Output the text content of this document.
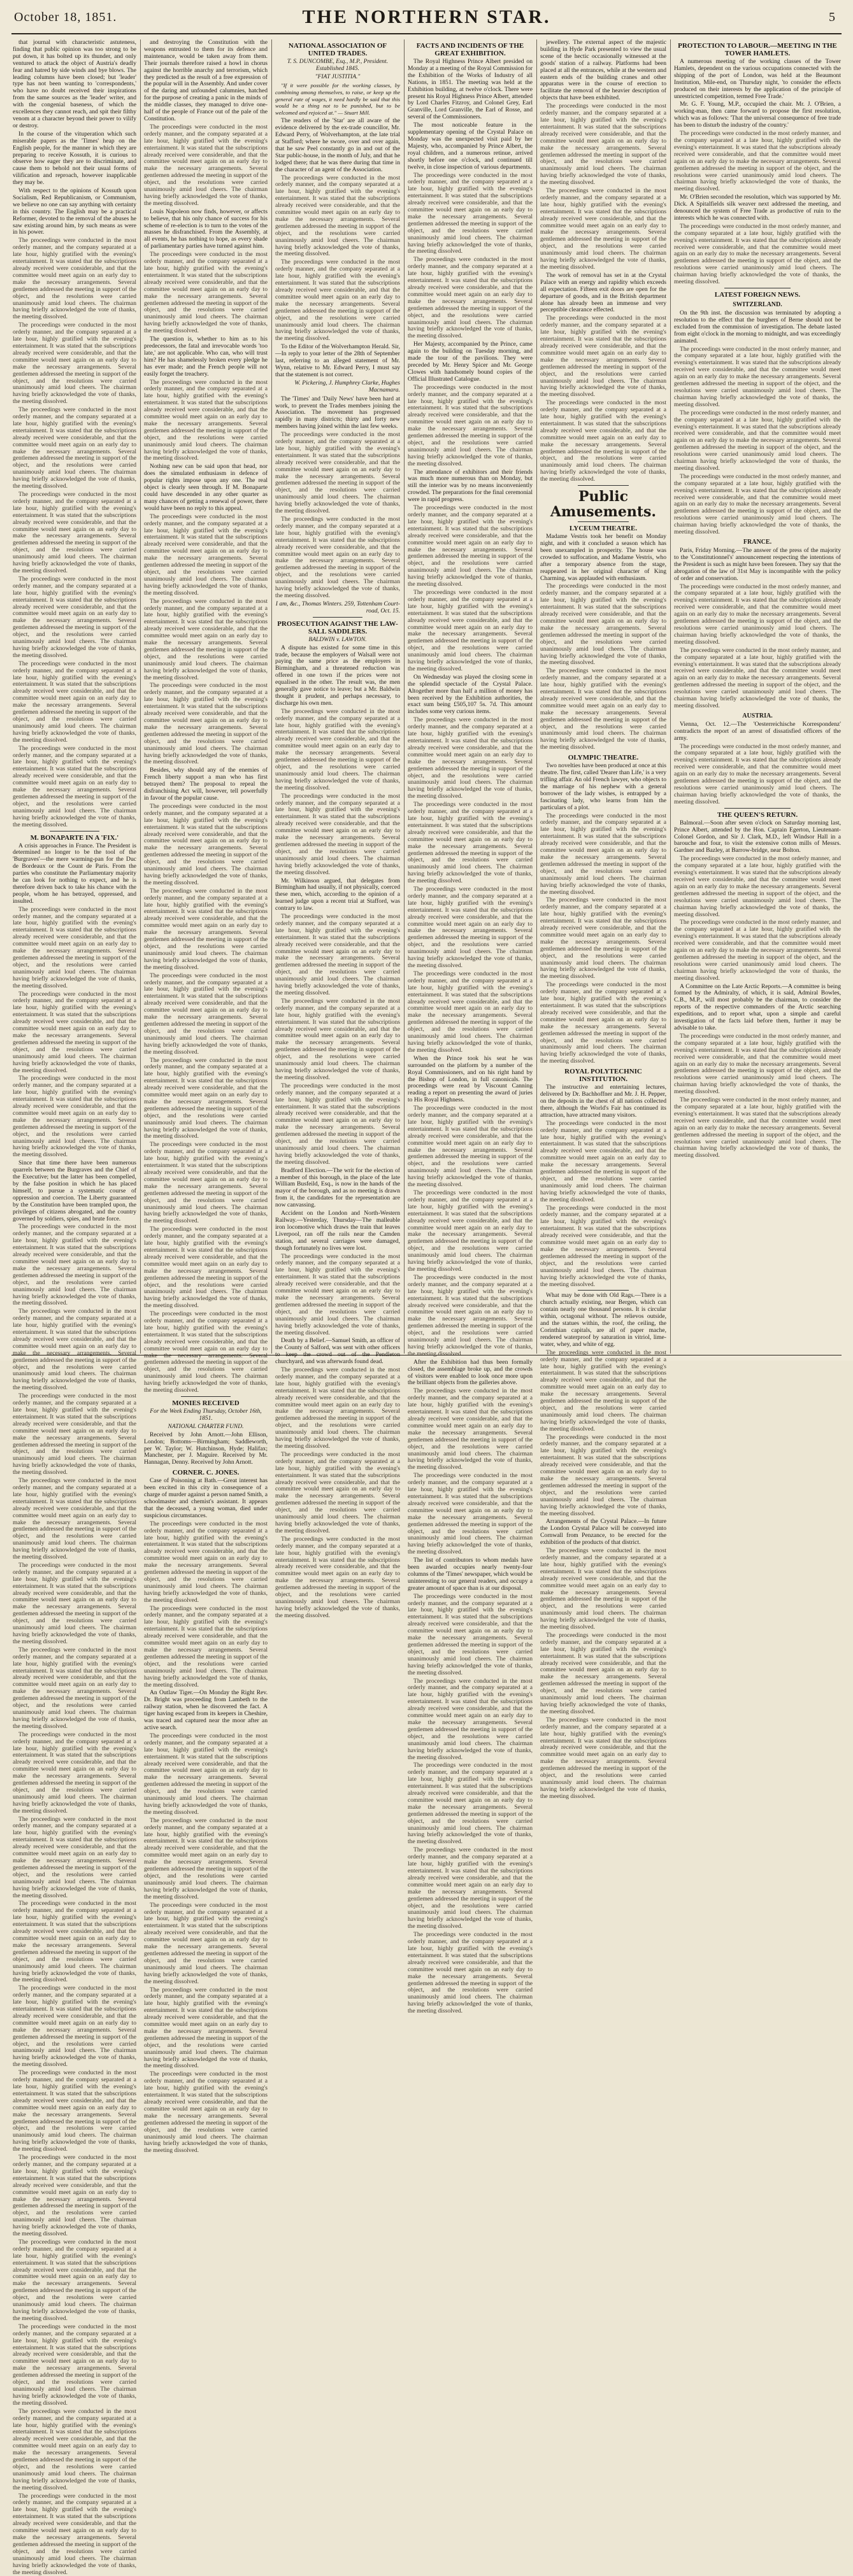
October 18, 1851.	THE NORTHERN STAR.	5

that journal with characteristic astuteness, finding that public opinion was too strong to be put down, it has bolted up its thunder, and only ventured to attack the object of Austria's deadly fear and hatred by side winds and bye blows. The leading columns have been closed; but 'leader' type has not been wanting to 'correspondents,' who have no doubt received their inspirations from the same sources as the 'leader' writer, and with the congenial baseness, of which the excellences they cannot reach, and spit their filthy venom at a character beyond their power to vilify or destroy.

In the course of the vituperation which such miserable papers as the 'Times' heap on the English people, for the manner in which they are preparing to receive Kossuth, it is curious to observe how eager they are to discriminate, and cause them to behold not their usual forms of vilification and reproach, however inapplicable they may be.

With respect to the opinions of Kossuth upon Socialism, Red Republicanism, or Communism, we believe no one can say anything with certainty in this country. The English may be a practical Reformer, devoted to the removal of the abuses he saw existing around him, by such means as were in his power.

The proceedings were conducted in the most orderly manner, and the company separated at a late hour, highly gratified with the evening's entertainment. It was stated that the subscriptions already received were considerable, and that the committee would meet again on an early day to make the necessary arrangements. Several gentlemen addressed the meeting in support of the object, and the resolutions were carried unanimously amid loud cheers. The chairman having briefly acknowledged the vote of thanks, the meeting dissolved.

The proceedings were conducted in the most orderly manner, and the company separated at a late hour, highly gratified with the evening's entertainment. It was stated that the subscriptions already received were considerable, and that the committee would meet again on an early day to make the necessary arrangements. Several gentlemen addressed the meeting in support of the object, and the resolutions were carried unanimously amid loud cheers. The chairman having briefly acknowledged the vote of thanks, the meeting dissolved.

The proceedings were conducted in the most orderly manner, and the company separated at a late hour, highly gratified with the evening's entertainment. It was stated that the subscriptions already received were considerable, and that the committee would meet again on an early day to make the necessary arrangements. Several gentlemen addressed the meeting in support of the object, and the resolutions were carried unanimously amid loud cheers. The chairman having briefly acknowledged the vote of thanks, the meeting dissolved.

The proceedings were conducted in the most orderly manner, and the company separated at a late hour, highly gratified with the evening's entertainment. It was stated that the subscriptions already received were considerable, and that the committee would meet again on an early day to make the necessary arrangements. Several gentlemen addressed the meeting in support of the object, and the resolutions were carried unanimously amid loud cheers. The chairman having briefly acknowledged the vote of thanks, the meeting dissolved.

The proceedings were conducted in the most orderly manner, and the company separated at a late hour, highly gratified with the evening's entertainment. It was stated that the subscriptions already received were considerable, and that the committee would meet again on an early day to make the necessary arrangements. Several gentlemen addressed the meeting in support of the object, and the resolutions were carried unanimously amid loud cheers. The chairman having briefly acknowledged the vote of thanks, the meeting dissolved.

The proceedings were conducted in the most orderly manner, and the company separated at a late hour, highly gratified with the evening's entertainment. It was stated that the subscriptions already received were considerable, and that the committee would meet again on an early day to make the necessary arrangements. Several gentlemen addressed the meeting in support of the object, and the resolutions were carried unanimously amid loud cheers. The chairman having briefly acknowledged the vote of thanks, the meeting dissolved.

The proceedings were conducted in the most orderly manner, and the company separated at a late hour, highly gratified with the evening's entertainment. It was stated that the subscriptions already received were considerable, and that the committee would meet again on an early day to make the necessary arrangements. Several gentlemen addressed the meeting in support of the object, and the resolutions were carried unanimously amid loud cheers. The chairman having briefly acknowledged the vote of thanks, the meeting dissolved.

M. BONAPARTE IN A 'FIX.'

A crisis approaches in France. The President is determined no longer to be the tool of the 'Burgraves'—the mere warming-pan for the Duc de Bordeaux or the Count de Paris. From the parties who constitute the Parliamentary majority he can look for nothing to expect, and he is therefore driven back to take his chance with the people, whom he has betrayed, oppressed, and insulted.

The proceedings were conducted in the most orderly manner, and the company separated at a late hour, highly gratified with the evening's entertainment. It was stated that the subscriptions already received were considerable, and that the committee would meet again on an early day to make the necessary arrangements. Several gentlemen addressed the meeting in support of the object, and the resolutions were carried unanimously amid loud cheers. The chairman having briefly acknowledged the vote of thanks, the meeting dissolved.

The proceedings were conducted in the most orderly manner, and the company separated at a late hour, highly gratified with the evening's entertainment. It was stated that the subscriptions already received were considerable, and that the committee would meet again on an early day to make the necessary arrangements. Several gentlemen addressed the meeting in support of the object, and the resolutions were carried unanimously amid loud cheers. The chairman having briefly acknowledged the vote of thanks, the meeting dissolved.

The proceedings were conducted in the most orderly manner, and the company separated at a late hour, highly gratified with the evening's entertainment. It was stated that the subscriptions already received were considerable, and that the committee would meet again on an early day to make the necessary arrangements. Several gentlemen addressed the meeting in support of the object, and the resolutions were carried unanimously amid loud cheers. The chairman having briefly acknowledged the vote of thanks, the meeting dissolved.

Since that time there have been numerous quarrels between the Burgraves and the Chief of the Executive; but the latter has been compelled, by the false position in which he has placed himself, to pursue a systematic course of oppression and coercion. The Liberty guaranteed by the Constitution have been trampled upon, the privileges of citizens abrogated, and the country governed by soldiers, spies, and brute force.

The proceedings were conducted in the most orderly manner, and the company separated at a late hour, highly gratified with the evening's entertainment. It was stated that the subscriptions already received were considerable, and that the committee would meet again on an early day to make the necessary arrangements. Several gentlemen addressed the meeting in support of the object, and the resolutions were carried unanimously amid loud cheers. The chairman having briefly acknowledged the vote of thanks, the meeting dissolved.

The proceedings were conducted in the most orderly manner, and the company separated at a late hour, highly gratified with the evening's entertainment. It was stated that the subscriptions already received were considerable, and that the committee would meet again on an early day to make the necessary arrangements. Several gentlemen addressed the meeting in support of the object, and the resolutions were carried unanimously amid loud cheers. The chairman having briefly acknowledged the vote of thanks, the meeting dissolved.

The proceedings were conducted in the most orderly manner, and the company separated at a late hour, highly gratified with the evening's entertainment. It was stated that the subscriptions already received were considerable, and that the committee would meet again on an early day to make the necessary arrangements. Several gentlemen addressed the meeting in support of the object, and the resolutions were carried unanimously amid loud cheers. The chairman having briefly acknowledged the vote of thanks, the meeting dissolved.

The proceedings were conducted in the most orderly manner, and the company separated at a late hour, highly gratified with the evening's entertainment. It was stated that the subscriptions already received were considerable, and that the committee would meet again on an early day to make the necessary arrangements. Several gentlemen addressed the meeting in support of the object, and the resolutions were carried unanimously amid loud cheers. The chairman having briefly acknowledged the vote of thanks, the meeting dissolved.

The proceedings were conducted in the most orderly manner, and the company separated at a late hour, highly gratified with the evening's entertainment. It was stated that the subscriptions already received were considerable, and that the committee would meet again on an early day to make the necessary arrangements. Several gentlemen addressed the meeting in support of the object, and the resolutions were carried unanimously amid loud cheers. The chairman having briefly acknowledged the vote of thanks, the meeting dissolved.

The proceedings were conducted in the most orderly manner, and the company separated at a late hour, highly gratified with the evening's entertainment. It was stated that the subscriptions already received were considerable, and that the committee would meet again on an early day to make the necessary arrangements. Several gentlemen addressed the meeting in support of the object, and the resolutions were carried unanimously amid loud cheers. The chairman having briefly acknowledged the vote of thanks, the meeting dissolved.

The proceedings were conducted in the most orderly manner, and the company separated at a late hour, highly gratified with the evening's entertainment. It was stated that the subscriptions already received were considerable, and that the committee would meet again on an early day to make the necessary arrangements. Several gentlemen addressed the meeting in support of the object, and the resolutions were carried unanimously amid loud cheers. The chairman having briefly acknowledged the vote of thanks, the meeting dissolved.

The proceedings were conducted in the most orderly manner, and the company separated at a late hour, highly gratified with the evening's entertainment. It was stated that the subscriptions already received were considerable, and that the committee would meet again on an early day to make the necessary arrangements. Several gentlemen addressed the meeting in support of the object, and the resolutions were carried unanimously amid loud cheers. The chairman having briefly acknowledged the vote of thanks, the meeting dissolved.

The proceedings were conducted in the most orderly manner, and the company separated at a late hour, highly gratified with the evening's entertainment. It was stated that the subscriptions already received were considerable, and that the committee would meet again on an early day to make the necessary arrangements. Several gentlemen addressed the meeting in support of the object, and the resolutions were carried unanimously amid loud cheers. The chairman having briefly acknowledged the vote of thanks, the meeting dissolved.

The proceedings were conducted in the most orderly manner, and the company separated at a late hour, highly gratified with the evening's entertainment. It was stated that the subscriptions already received were considerable, and that the committee would meet again on an early day to make the necessary arrangements. Several gentlemen addressed the meeting in support of the object, and the resolutions were carried unanimously amid loud cheers. The chairman having briefly acknowledged the vote of thanks, the meeting dissolved.

The proceedings were conducted in the most orderly manner, and the company separated at a late hour, highly gratified with the evening's entertainment. It was stated that the subscriptions already received were considerable, and that the committee would meet again on an early day to make the necessary arrangements. Several gentlemen addressed the meeting in support of the object, and the resolutions were carried unanimously amid loud cheers. The chairman having briefly acknowledged the vote of thanks, the meeting dissolved.

The proceedings were conducted in the most orderly manner, and the company separated at a late hour, highly gratified with the evening's entertainment. It was stated that the subscriptions already received were considerable, and that the committee would meet again on an early day to make the necessary arrangements. Several gentlemen addressed the meeting in support of the object, and the resolutions were carried unanimously amid loud cheers. The chairman having briefly acknowledged the vote of thanks, the meeting dissolved.

The proceedings were conducted in the most orderly manner, and the company separated at a late hour, highly gratified with the evening's entertainment. It was stated that the subscriptions already received were considerable, and that the committee would meet again on an early day to make the necessary arrangements. Several gentlemen addressed the meeting in support of the object, and the resolutions were carried unanimously amid loud cheers. The chairman having briefly acknowledged the vote of thanks, the meeting dissolved.

The proceedings were conducted in the most orderly manner, and the company separated at a late hour, highly gratified with the evening's entertainment. It was stated that the subscriptions already received were considerable, and that the committee would meet again on an early day to make the necessary arrangements. Several gentlemen addressed the meeting in support of the object, and the resolutions were carried unanimously amid loud cheers. The chairman having briefly acknowledged the vote of thanks, the meeting dissolved.

The proceedings were conducted in the most orderly manner, and the company separated at a late hour, highly gratified with the evening's entertainment. It was stated that the subscriptions already received were considerable, and that the committee would meet again on an early day to make the necessary arrangements. Several gentlemen addressed the meeting in support of the object, and the resolutions were carried unanimously amid loud cheers. The chairman having briefly acknowledged the vote of thanks, the meeting dissolved.

The proceedings were conducted in the most orderly manner, and the company separated at a late hour, highly gratified with the evening's entertainment. It was stated that the subscriptions already received were considerable, and that the committee would meet again on an early day to make the necessary arrangements. Several gentlemen addressed the meeting in support of the object, and the resolutions were carried unanimously amid loud cheers. The chairman having briefly acknowledged the vote of thanks, the meeting dissolved.

and destroying the Constitution with the weapons entrusted to them for its defence and maintenance, would be taken away from them. Their journals therefore raised a howl in chorus against the horrible anarchy and terrorism, which they predicted as the result of a free expression of the popular will in the Assembly. And under cover of the daring and unfounded calumnies, hatched for the purpose of creating a panic in the minds of the middle classes, they managed to drive one-half of the people of France out of the pale of the Constitution.

The proceedings were conducted in the most orderly manner, and the company separated at a late hour, highly gratified with the evening's entertainment. It was stated that the subscriptions already received were considerable, and that the committee would meet again on an early day to make the necessary arrangements. Several gentlemen addressed the meeting in support of the object, and the resolutions were carried unanimously amid loud cheers. The chairman having briefly acknowledged the vote of thanks, the meeting dissolved.

Louis Napoleon now finds, however, or affects to believe, that his only chance of success for his scheme of re-election is to turn to the votes of the masses he disfranchised. From the Assembly, at all events, he has nothing to hope, as every shade of parliamentary parties have turned against him.

The proceedings were conducted in the most orderly manner, and the company separated at a late hour, highly gratified with the evening's entertainment. It was stated that the subscriptions already received were considerable, and that the committee would meet again on an early day to make the necessary arrangements. Several gentlemen addressed the meeting in support of the object, and the resolutions were carried unanimously amid loud cheers. The chairman having briefly acknowledged the vote of thanks, the meeting dissolved.

The question is, whether to him as to his predecessors, the fatal and irrevocable words 'too late,' are not applicable. Who can, who will trust him? He has shamelessly broken every pledge he has ever made; and the French people will not easily forget the treachery.

The proceedings were conducted in the most orderly manner, and the company separated at a late hour, highly gratified with the evening's entertainment. It was stated that the subscriptions already received were considerable, and that the committee would meet again on an early day to make the necessary arrangements. Several gentlemen addressed the meeting in support of the object, and the resolutions were carried unanimously amid loud cheers. The chairman having briefly acknowledged the vote of thanks, the meeting dissolved.

Nothing new can be said upon that head, nor does the simulated enthusiasm in defence of popular rights impose upon any one. The real object is clearly seen through. If M. Bonaparte could have descended in any other quarter as many chances of getting a renewal of power, there would have been no reply to this appeal.

The proceedings were conducted in the most orderly manner, and the company separated at a late hour, highly gratified with the evening's entertainment. It was stated that the subscriptions already received were considerable, and that the committee would meet again on an early day to make the necessary arrangements. Several gentlemen addressed the meeting in support of the object, and the resolutions were carried unanimously amid loud cheers. The chairman having briefly acknowledged the vote of thanks, the meeting dissolved.

The proceedings were conducted in the most orderly manner, and the company separated at a late hour, highly gratified with the evening's entertainment. It was stated that the subscriptions already received were considerable, and that the committee would meet again on an early day to make the necessary arrangements. Several gentlemen addressed the meeting in support of the object, and the resolutions were carried unanimously amid loud cheers. The chairman having briefly acknowledged the vote of thanks, the meeting dissolved.

The proceedings were conducted in the most orderly manner, and the company separated at a late hour, highly gratified with the evening's entertainment. It was stated that the subscriptions already received were considerable, and that the committee would meet again on an early day to make the necessary arrangements. Several gentlemen addressed the meeting in support of the object, and the resolutions were carried unanimously amid loud cheers. The chairman having briefly acknowledged the vote of thanks, the meeting dissolved.

Besides, why should any of the enemies of French liberty support a man who has first betrayed them? The proposal to repeal the disfranchising Act will, however, tell powerfully in favour of the popular cause.

The proceedings were conducted in the most orderly manner, and the company separated at a late hour, highly gratified with the evening's entertainment. It was stated that the subscriptions already received were considerable, and that the committee would meet again on an early day to make the necessary arrangements. Several gentlemen addressed the meeting in support of the object, and the resolutions were carried unanimously amid loud cheers. The chairman having briefly acknowledged the vote of thanks, the meeting dissolved.

The proceedings were conducted in the most orderly manner, and the company separated at a late hour, highly gratified with the evening's entertainment. It was stated that the subscriptions already received were considerable, and that the committee would meet again on an early day to make the necessary arrangements. Several gentlemen addressed the meeting in support of the object, and the resolutions were carried unanimously amid loud cheers. The chairman having briefly acknowledged the vote of thanks, the meeting dissolved.

The proceedings were conducted in the most orderly manner, and the company separated at a late hour, highly gratified with the evening's entertainment. It was stated that the subscriptions already received were considerable, and that the committee would meet again on an early day to make the necessary arrangements. Several gentlemen addressed the meeting in support of the object, and the resolutions were carried unanimously amid loud cheers. The chairman having briefly acknowledged the vote of thanks, the meeting dissolved.

The proceedings were conducted in the most orderly manner, and the company separated at a late hour, highly gratified with the evening's entertainment. It was stated that the subscriptions already received were considerable, and that the committee would meet again on an early day to make the necessary arrangements. Several gentlemen addressed the meeting in support of the object, and the resolutions were carried unanimously amid loud cheers. The chairman having briefly acknowledged the vote of thanks, the meeting dissolved.

The proceedings were conducted in the most orderly manner, and the company separated at a late hour, highly gratified with the evening's entertainment. It was stated that the subscriptions already received were considerable, and that the committee would meet again on an early day to make the necessary arrangements. Several gentlemen addressed the meeting in support of the object, and the resolutions were carried unanimously amid loud cheers. The chairman having briefly acknowledged the vote of thanks, the meeting dissolved.

The proceedings were conducted in the most orderly manner, and the company separated at a late hour, highly gratified with the evening's entertainment. It was stated that the subscriptions already received were considerable, and that the committee would meet again on an early day to make the necessary arrangements. Several gentlemen addressed the meeting in support of the object, and the resolutions were carried unanimously amid loud cheers. The chairman having briefly acknowledged the vote of thanks, the meeting dissolved.

The proceedings were conducted in the most orderly manner, and the company separated at a late hour, highly gratified with the evening's entertainment. It was stated that the subscriptions already received were considerable, and that the committee would meet again on an early day to make the necessary arrangements. Several gentlemen addressed the meeting in support of the object, and the resolutions were carried unanimously amid loud cheers. The chairman having briefly acknowledged the vote of thanks, the meeting dissolved.

MONIES RECEIVED
For the Week Ending Thursday, October 16th, 1851.
NATIONAL CHARTER FUND.

Received by John Arnott.—John Ellison, London; Bottoms—Birmingham; Saddleworth, per W. Taylor; W. Hutchinson, Hyde; Halifax; Manchester, per J. Maguire. Received by Mr. Hannagan, Denny. Received by John Arnott.

CORNER. C. JONES.

Case of Poisoning at Bath.—Great interest has been excited in this city in consequence of a charge of murder against a person named Smith, a schoolmaster and chemist's assistant. It appears that the deceased, a young woman, died under suspicious circumstances.

The proceedings were conducted in the most orderly manner, and the company separated at a late hour, highly gratified with the evening's entertainment. It was stated that the subscriptions already received were considerable, and that the committee would meet again on an early day to make the necessary arrangements. Several gentlemen addressed the meeting in support of the object, and the resolutions were carried unanimously amid loud cheers. The chairman having briefly acknowledged the vote of thanks, the meeting dissolved.

The proceedings were conducted in the most orderly manner, and the company separated at a late hour, highly gratified with the evening's entertainment. It was stated that the subscriptions already received were considerable, and that the committee would meet again on an early day to make the necessary arrangements. Several gentlemen addressed the meeting in support of the object, and the resolutions were carried unanimously amid loud cheers. The chairman having briefly acknowledged the vote of thanks, the meeting dissolved.

An Outlaw Tiger.—On Monday the Right Rev. Dr. Bright was proceeding from Lambeth to the railway station, when he discovered the fact. A tiger having escaped from its keepers in Cheshire, was traced and captured near the moor after an active search.

The proceedings were conducted in the most orderly manner, and the company separated at a late hour, highly gratified with the evening's entertainment. It was stated that the subscriptions already received were considerable, and that the committee would meet again on an early day to make the necessary arrangements. Several gentlemen addressed the meeting in support of the object, and the resolutions were carried unanimously amid loud cheers. The chairman having briefly acknowledged the vote of thanks, the meeting dissolved.

The proceedings were conducted in the most orderly manner, and the company separated at a late hour, highly gratified with the evening's entertainment. It was stated that the subscriptions already received were considerable, and that the committee would meet again on an early day to make the necessary arrangements. Several gentlemen addressed the meeting in support of the object, and the resolutions were carried unanimously amid loud cheers. The chairman having briefly acknowledged the vote of thanks, the meeting dissolved.

The proceedings were conducted in the most orderly manner, and the company separated at a late hour, highly gratified with the evening's entertainment. It was stated that the subscriptions already received were considerable, and that the committee would meet again on an early day to make the necessary arrangements. Several gentlemen addressed the meeting in support of the object, and the resolutions were carried unanimously amid loud cheers. The chairman having briefly acknowledged the vote of thanks, the meeting dissolved.

The proceedings were conducted in the most orderly manner, and the company separated at a late hour, highly gratified with the evening's entertainment. It was stated that the subscriptions already received were considerable, and that the committee would meet again on an early day to make the necessary arrangements. Several gentlemen addressed the meeting in support of the object, and the resolutions were carried unanimously amid loud cheers. The chairman having briefly acknowledged the vote of thanks, the meeting dissolved.

The proceedings were conducted in the most orderly manner, and the company separated at a late hour, highly gratified with the evening's entertainment. It was stated that the subscriptions already received were considerable, and that the committee would meet again on an early day to make the necessary arrangements. Several gentlemen addressed the meeting in support of the object, and the resolutions were carried unanimously amid loud cheers. The chairman having briefly acknowledged the vote of thanks, the meeting dissolved.

NATIONAL ASSOCIATION OF UNITED TRADES.
T. S. DUNCOMBE, Esq., M.P., President. Established 1845.
"FIAT JUSTITIA."

"If it were possible for the working classes, by combining among themselves, to raise, or keep up the general rate of wages, it need hardly be said that this would be a thing not to be punished, but to be welcomed and rejoiced at." — Stuart Mill.

The readers of the 'Star' are all aware of the evidence delivered by the ex-trade councillor, Mr. Edward Perry, of Wolverhampton, at the late trial at Stafford; where he swore, over and over again, that he saw Peel constantly go in and out of the Star public-house, in the month of July, and that he lodged there; that he was there during that time in the character of an agent of the Association.

The proceedings were conducted in the most orderly manner, and the company separated at a late hour, highly gratified with the evening's entertainment. It was stated that the subscriptions already received were considerable, and that the committee would meet again on an early day to make the necessary arrangements. Several gentlemen addressed the meeting in support of the object, and the resolutions were carried unanimously amid loud cheers. The chairman having briefly acknowledged the vote of thanks, the meeting dissolved.

The proceedings were conducted in the most orderly manner, and the company separated at a late hour, highly gratified with the evening's entertainment. It was stated that the subscriptions already received were considerable, and that the committee would meet again on an early day to make the necessary arrangements. Several gentlemen addressed the meeting in support of the object, and the resolutions were carried unanimously amid loud cheers. The chairman having briefly acknowledged the vote of thanks, the meeting dissolved.

To the Editor of the Wolverhampton Herald. Sir,—In reply to your letter of the 28th of September last, referring to an alleged statement of Mr. Wynn, relative to Mr. Edward Perry, I must say that the statement is not correct.

W. Pickering, J. Humphrey Clarke, Hughes Macnamara.

The 'Times' and 'Daily News' have been hard at work, to prevent the Trades members joining the Association. The movement has progressed rapidly in many districts; thirty and forty new members having joined within the last few weeks.

The proceedings were conducted in the most orderly manner, and the company separated at a late hour, highly gratified with the evening's entertainment. It was stated that the subscriptions already received were considerable, and that the committee would meet again on an early day to make the necessary arrangements. Several gentlemen addressed the meeting in support of the object, and the resolutions were carried unanimously amid loud cheers. The chairman having briefly acknowledged the vote of thanks, the meeting dissolved.

The proceedings were conducted in the most orderly manner, and the company separated at a late hour, highly gratified with the evening's entertainment. It was stated that the subscriptions already received were considerable, and that the committee would meet again on an early day to make the necessary arrangements. Several gentlemen addressed the meeting in support of the object, and the resolutions were carried unanimously amid loud cheers. The chairman having briefly acknowledged the vote of thanks, the meeting dissolved.

I am, &c., Thomas Winters. 259, Tottenham Court-road, Oct. 15.
PROSECUTION AGAINST THE LAW-SALL SADDLERS.
BALDWIN v. LAWTON.

A dispute has existed for some time in this trade, because the employers of Walsall were not paying the same price as the employers in Birmingham, and a threatened reduction was offered in one town if the prices were not equalised in the other. The result was, the men generally gave notice to leave; but a Mr. Baldwin thought it prudent, and perhaps necessary, to discharge his own men.

The proceedings were conducted in the most orderly manner, and the company separated at a late hour, highly gratified with the evening's entertainment. It was stated that the subscriptions already received were considerable, and that the committee would meet again on an early day to make the necessary arrangements. Several gentlemen addressed the meeting in support of the object, and the resolutions were carried unanimously amid loud cheers. The chairman having briefly acknowledged the vote of thanks, the meeting dissolved.

The proceedings were conducted in the most orderly manner, and the company separated at a late hour, highly gratified with the evening's entertainment. It was stated that the subscriptions already received were considerable, and that the committee would meet again on an early day to make the necessary arrangements. Several gentlemen addressed the meeting in support of the object, and the resolutions were carried unanimously amid loud cheers. The chairman having briefly acknowledged the vote of thanks, the meeting dissolved.

Mr. Wilkinson argued, that delegates from Birmingham had usually, if not physically, coerced these men, which, according to the opinion of a learned judge upon a recent trial at Stafford, was contrary to law.

The proceedings were conducted in the most orderly manner, and the company separated at a late hour, highly gratified with the evening's entertainment. It was stated that the subscriptions already received were considerable, and that the committee would meet again on an early day to make the necessary arrangements. Several gentlemen addressed the meeting in support of the object, and the resolutions were carried unanimously amid loud cheers. The chairman having briefly acknowledged the vote of thanks, the meeting dissolved.

The proceedings were conducted in the most orderly manner, and the company separated at a late hour, highly gratified with the evening's entertainment. It was stated that the subscriptions already received were considerable, and that the committee would meet again on an early day to make the necessary arrangements. Several gentlemen addressed the meeting in support of the object, and the resolutions were carried unanimously amid loud cheers. The chairman having briefly acknowledged the vote of thanks, the meeting dissolved.

The proceedings were conducted in the most orderly manner, and the company separated at a late hour, highly gratified with the evening's entertainment. It was stated that the subscriptions already received were considerable, and that the committee would meet again on an early day to make the necessary arrangements. Several gentlemen addressed the meeting in support of the object, and the resolutions were carried unanimously amid loud cheers. The chairman having briefly acknowledged the vote of thanks, the meeting dissolved.

Bradford Election.—The writ for the election of a member of this borough, in the place of the late William Busfeild, Esq., is now in the hands of the mayor of the borough, and as no meeting is drawn from it, the candidates for the representation are now canvassing.

Accident on the London and North-Western Railway.—Yesterday, Thursday—The malleable iron locomotive which draws the train that leaves Liverpool, ran off the rails near the Camden station, and several carriages were damaged, though fortunately no lives were lost.

The proceedings were conducted in the most orderly manner, and the company separated at a late hour, highly gratified with the evening's entertainment. It was stated that the subscriptions already received were considerable, and that the committee would meet again on an early day to make the necessary arrangements. Several gentlemen addressed the meeting in support of the object, and the resolutions were carried unanimously amid loud cheers. The chairman having briefly acknowledged the vote of thanks, the meeting dissolved.

Death by a Belief.—Samuel Smith, an officer of the County of Salford, was sent with other officers to keep the crowd out of the Pendleton churchyard, and was afterwards found dead.

The proceedings were conducted in the most orderly manner, and the company separated at a late hour, highly gratified with the evening's entertainment. It was stated that the subscriptions already received were considerable, and that the committee would meet again on an early day to make the necessary arrangements. Several gentlemen addressed the meeting in support of the object, and the resolutions were carried unanimously amid loud cheers. The chairman having briefly acknowledged the vote of thanks, the meeting dissolved.

The proceedings were conducted in the most orderly manner, and the company separated at a late hour, highly gratified with the evening's entertainment. It was stated that the subscriptions already received were considerable, and that the committee would meet again on an early day to make the necessary arrangements. Several gentlemen addressed the meeting in support of the object, and the resolutions were carried unanimously amid loud cheers. The chairman having briefly acknowledged the vote of thanks, the meeting dissolved.

The proceedings were conducted in the most orderly manner, and the company separated at a late hour, highly gratified with the evening's entertainment. It was stated that the subscriptions already received were considerable, and that the committee would meet again on an early day to make the necessary arrangements. Several gentlemen addressed the meeting in support of the object, and the resolutions were carried unanimously amid loud cheers. The chairman having briefly acknowledged the vote of thanks, the meeting dissolved.

FACTS AND INCIDENTS OF THE GREAT EXHIBITION.

The Royal Highness Prince Albert presided on Monday at a meeting of the Royal Commission for the Exhibition of the Works of Industry of all Nations, in 1851. The meeting was held at the Exhibition building, at twelve o'clock. There were present his Royal Highness Prince Albert, attended by Lord Charles Fitzroy, and Colonel Grey, Earl Granville, Lord Granville, the Earl of Rosse, and several of the Commissioners.

The most noticeable feature in the supplementary opening of the Crystal Palace on Monday was the unexpected visit paid by her Majesty, who, accompanied by Prince Albert, the royal children, and a numerous retinue, arrived shortly before one o'clock, and continued till twelve, in close inspection of various departments.

The proceedings were conducted in the most orderly manner, and the company separated at a late hour, highly gratified with the evening's entertainment. It was stated that the subscriptions already received were considerable, and that the committee would meet again on an early day to make the necessary arrangements. Several gentlemen addressed the meeting in support of the object, and the resolutions were carried unanimously amid loud cheers. The chairman having briefly acknowledged the vote of thanks, the meeting dissolved.

The proceedings were conducted in the most orderly manner, and the company separated at a late hour, highly gratified with the evening's entertainment. It was stated that the subscriptions already received were considerable, and that the committee would meet again on an early day to make the necessary arrangements. Several gentlemen addressed the meeting in support of the object, and the resolutions were carried unanimously amid loud cheers. The chairman having briefly acknowledged the vote of thanks, the meeting dissolved.

Her Majesty, accompanied by the Prince, came again to the building on Tuesday morning, and made the tour of the pavilions. They were preceded by Mr. Henry Spicer and Mr. George Clowes with handsomely bound copies of the Official Illustrated Catalogue.

The proceedings were conducted in the most orderly manner, and the company separated at a late hour, highly gratified with the evening's entertainment. It was stated that the subscriptions already received were considerable, and that the committee would meet again on an early day to make the necessary arrangements. Several gentlemen addressed the meeting in support of the object, and the resolutions were carried unanimously amid loud cheers. The chairman having briefly acknowledged the vote of thanks, the meeting dissolved.

The attendance of exhibitors and their friends was much more numerous than on Monday, but still the interior was by no means inconveniently crowded. The preparations for the final ceremonial were in rapid progress.

The proceedings were conducted in the most orderly manner, and the company separated at a late hour, highly gratified with the evening's entertainment. It was stated that the subscriptions already received were considerable, and that the committee would meet again on an early day to make the necessary arrangements. Several gentlemen addressed the meeting in support of the object, and the resolutions were carried unanimously amid loud cheers. The chairman having briefly acknowledged the vote of thanks, the meeting dissolved.

The proceedings were conducted in the most orderly manner, and the company separated at a late hour, highly gratified with the evening's entertainment. It was stated that the subscriptions already received were considerable, and that the committee would meet again on an early day to make the necessary arrangements. Several gentlemen addressed the meeting in support of the object, and the resolutions were carried unanimously amid loud cheers. The chairman having briefly acknowledged the vote of thanks, the meeting dissolved.

On Wednesday was played the closing scene in the splendid spectacle of the Crystal Palace. Altogether more than half a million of money has been received by the Exhibition authorities, the exact sum being £505,107 5s. 7d. This amount includes some very curious items.

The proceedings were conducted in the most orderly manner, and the company separated at a late hour, highly gratified with the evening's entertainment. It was stated that the subscriptions already received were considerable, and that the committee would meet again on an early day to make the necessary arrangements. Several gentlemen addressed the meeting in support of the object, and the resolutions were carried unanimously amid loud cheers. The chairman having briefly acknowledged the vote of thanks, the meeting dissolved.

The proceedings were conducted in the most orderly manner, and the company separated at a late hour, highly gratified with the evening's entertainment. It was stated that the subscriptions already received were considerable, and that the committee would meet again on an early day to make the necessary arrangements. Several gentlemen addressed the meeting in support of the object, and the resolutions were carried unanimously amid loud cheers. The chairman having briefly acknowledged the vote of thanks, the meeting dissolved.

The proceedings were conducted in the most orderly manner, and the company separated at a late hour, highly gratified with the evening's entertainment. It was stated that the subscriptions already received were considerable, and that the committee would meet again on an early day to make the necessary arrangements. Several gentlemen addressed the meeting in support of the object, and the resolutions were carried unanimously amid loud cheers. The chairman having briefly acknowledged the vote of thanks, the meeting dissolved.

The proceedings were conducted in the most orderly manner, and the company separated at a late hour, highly gratified with the evening's entertainment. It was stated that the subscriptions already received were considerable, and that the committee would meet again on an early day to make the necessary arrangements. Several gentlemen addressed the meeting in support of the object, and the resolutions were carried unanimously amid loud cheers. The chairman having briefly acknowledged the vote of thanks, the meeting dissolved.

When the Prince took his seat he was surrounded on the platform by a number of the Royal Commissioners, and on his right hand by the Bishop of London, in full canonicals. The proceedings were read by Viscount Canning reading a report on presenting the award of juries to His Royal Highness.

The proceedings were conducted in the most orderly manner, and the company separated at a late hour, highly gratified with the evening's entertainment. It was stated that the subscriptions already received were considerable, and that the committee would meet again on an early day to make the necessary arrangements. Several gentlemen addressed the meeting in support of the object, and the resolutions were carried unanimously amid loud cheers. The chairman having briefly acknowledged the vote of thanks, the meeting dissolved.

The proceedings were conducted in the most orderly manner, and the company separated at a late hour, highly gratified with the evening's entertainment. It was stated that the subscriptions already received were considerable, and that the committee would meet again on an early day to make the necessary arrangements. Several gentlemen addressed the meeting in support of the object, and the resolutions were carried unanimously amid loud cheers. The chairman having briefly acknowledged the vote of thanks, the meeting dissolved.

The proceedings were conducted in the most orderly manner, and the company separated at a late hour, highly gratified with the evening's entertainment. It was stated that the subscriptions already received were considerable, and that the committee would meet again on an early day to make the necessary arrangements. Several gentlemen addressed the meeting in support of the object, and the resolutions were carried unanimously amid loud cheers. The chairman having briefly acknowledged the vote of thanks, the meeting dissolved.

After the Exhibition had thus been formally closed, the assemblage broke up, and the crowds of visitors were enabled to look once more upon the brilliant objects from the galleries above.

The proceedings were conducted in the most orderly manner, and the company separated at a late hour, highly gratified with the evening's entertainment. It was stated that the subscriptions already received were considerable, and that the committee would meet again on an early day to make the necessary arrangements. Several gentlemen addressed the meeting in support of the object, and the resolutions were carried unanimously amid loud cheers. The chairman having briefly acknowledged the vote of thanks, the meeting dissolved.

The proceedings were conducted in the most orderly manner, and the company separated at a late hour, highly gratified with the evening's entertainment. It was stated that the subscriptions already received were considerable, and that the committee would meet again on an early day to make the necessary arrangements. Several gentlemen addressed the meeting in support of the object, and the resolutions were carried unanimously amid loud cheers. The chairman having briefly acknowledged the vote of thanks, the meeting dissolved.

The list of contributors to whom medals have been awarded occupies nearly twenty-four columns of the 'Times' newspaper, which would be uninteresting to our general readers, and occupy a greater amount of space than is at our disposal.

The proceedings were conducted in the most orderly manner, and the company separated at a late hour, highly gratified with the evening's entertainment. It was stated that the subscriptions already received were considerable, and that the committee would meet again on an early day to make the necessary arrangements. Several gentlemen addressed the meeting in support of the object, and the resolutions were carried unanimously amid loud cheers. The chairman having briefly acknowledged the vote of thanks, the meeting dissolved.

The proceedings were conducted in the most orderly manner, and the company separated at a late hour, highly gratified with the evening's entertainment. It was stated that the subscriptions already received were considerable, and that the committee would meet again on an early day to make the necessary arrangements. Several gentlemen addressed the meeting in support of the object, and the resolutions were carried unanimously amid loud cheers. The chairman having briefly acknowledged the vote of thanks, the meeting dissolved.

The proceedings were conducted in the most orderly manner, and the company separated at a late hour, highly gratified with the evening's entertainment. It was stated that the subscriptions already received were considerable, and that the committee would meet again on an early day to make the necessary arrangements. Several gentlemen addressed the meeting in support of the object, and the resolutions were carried unanimously amid loud cheers. The chairman having briefly acknowledged the vote of thanks, the meeting dissolved.

The proceedings were conducted in the most orderly manner, and the company separated at a late hour, highly gratified with the evening's entertainment. It was stated that the subscriptions already received were considerable, and that the committee would meet again on an early day to make the necessary arrangements. Several gentlemen addressed the meeting in support of the object, and the resolutions were carried unanimously amid loud cheers. The chairman having briefly acknowledged the vote of thanks, the meeting dissolved.

The proceedings were conducted in the most orderly manner, and the company separated at a late hour, highly gratified with the evening's entertainment. It was stated that the subscriptions already received were considerable, and that the committee would meet again on an early day to make the necessary arrangements. Several gentlemen addressed the meeting in support of the object, and the resolutions were carried unanimously amid loud cheers. The chairman having briefly acknowledged the vote of thanks, the meeting dissolved.

jewellery. The external aspect of the majestic building in Hyde Park presented to view the usual scene of the hectic occasionally witnessed at the goods' station of a railway. Platforms had been placed at all the entrances, while at the western and eastern ends of the building cranes and other apparatus were in the course of erection to facilitate the removal of the heavier description of objects that have been exhibited.

The proceedings were conducted in the most orderly manner, and the company separated at a late hour, highly gratified with the evening's entertainment. It was stated that the subscriptions already received were considerable, and that the committee would meet again on an early day to make the necessary arrangements. Several gentlemen addressed the meeting in support of the object, and the resolutions were carried unanimously amid loud cheers. The chairman having briefly acknowledged the vote of thanks, the meeting dissolved.

The proceedings were conducted in the most orderly manner, and the company separated at a late hour, highly gratified with the evening's entertainment. It was stated that the subscriptions already received were considerable, and that the committee would meet again on an early day to make the necessary arrangements. Several gentlemen addressed the meeting in support of the object, and the resolutions were carried unanimously amid loud cheers. The chairman having briefly acknowledged the vote of thanks, the meeting dissolved.

The work of removal has set in at the Crystal Palace with an energy and rapidity which exceeds all expectation. Fifteen exit doors are open for the departure of goods, and in the British department alone has already been an immense and very perceptible clearance effected.

The proceedings were conducted in the most orderly manner, and the company separated at a late hour, highly gratified with the evening's entertainment. It was stated that the subscriptions already received were considerable, and that the committee would meet again on an early day to make the necessary arrangements. Several gentlemen addressed the meeting in support of the object, and the resolutions were carried unanimously amid loud cheers. The chairman having briefly acknowledged the vote of thanks, the meeting dissolved.

The proceedings were conducted in the most orderly manner, and the company separated at a late hour, highly gratified with the evening's entertainment. It was stated that the subscriptions already received were considerable, and that the committee would meet again on an early day to make the necessary arrangements. Several gentlemen addressed the meeting in support of the object, and the resolutions were carried unanimously amid loud cheers. The chairman having briefly acknowledged the vote of thanks, the meeting dissolved.

Public Amusements.
LYCEUM THEATRE.

Madame Vestris took her benefit on Monday night, and with it concluded a season which has been unexampled in prosperity. The house was crowded to suffocation, and Madame Vestris, who after a temporary absence from the stage, reappeared in her original character of King Charming, was applauded with enthusiasm.

The proceedings were conducted in the most orderly manner, and the company separated at a late hour, highly gratified with the evening's entertainment. It was stated that the subscriptions already received were considerable, and that the committee would meet again on an early day to make the necessary arrangements. Several gentlemen addressed the meeting in support of the object, and the resolutions were carried unanimously amid loud cheers. The chairman having briefly acknowledged the vote of thanks, the meeting dissolved.

The proceedings were conducted in the most orderly manner, and the company separated at a late hour, highly gratified with the evening's entertainment. It was stated that the subscriptions already received were considerable, and that the committee would meet again on an early day to make the necessary arrangements. Several gentlemen addressed the meeting in support of the object, and the resolutions were carried unanimously amid loud cheers. The chairman having briefly acknowledged the vote of thanks, the meeting dissolved.

OLYMPIC THEATRE.

Two novelties have been produced at once at this theatre. The first, called 'Dearer than Life,' is a very trifling affair. An old French lawyer, who objects to the marriage of his nephew with a general borrower of the lady wishes, is entrapped by a fascinating lady, who learns from him the particulars of a plot.

The proceedings were conducted in the most orderly manner, and the company separated at a late hour, highly gratified with the evening's entertainment. It was stated that the subscriptions already received were considerable, and that the committee would meet again on an early day to make the necessary arrangements. Several gentlemen addressed the meeting in support of the object, and the resolutions were carried unanimously amid loud cheers. The chairman having briefly acknowledged the vote of thanks, the meeting dissolved.

The proceedings were conducted in the most orderly manner, and the company separated at a late hour, highly gratified with the evening's entertainment. It was stated that the subscriptions already received were considerable, and that the committee would meet again on an early day to make the necessary arrangements. Several gentlemen addressed the meeting in support of the object, and the resolutions were carried unanimously amid loud cheers. The chairman having briefly acknowledged the vote of thanks, the meeting dissolved.

The proceedings were conducted in the most orderly manner, and the company separated at a late hour, highly gratified with the evening's entertainment. It was stated that the subscriptions already received were considerable, and that the committee would meet again on an early day to make the necessary arrangements. Several gentlemen addressed the meeting in support of the object, and the resolutions were carried unanimously amid loud cheers. The chairman having briefly acknowledged the vote of thanks, the meeting dissolved.

ROYAL POLYTECHNIC INSTITUTION.

The instructive and entertaining lectures, delivered by Dr. Bachhoffner and Mr. J. H. Pepper, on the deposits in the chest of all nations collected there, although the World's Fair has continued its attraction, have attracted many visitors.

The proceedings were conducted in the most orderly manner, and the company separated at a late hour, highly gratified with the evening's entertainment. It was stated that the subscriptions already received were considerable, and that the committee would meet again on an early day to make the necessary arrangements. Several gentlemen addressed the meeting in support of the object, and the resolutions were carried unanimously amid loud cheers. The chairman having briefly acknowledged the vote of thanks, the meeting dissolved.

The proceedings were conducted in the most orderly manner, and the company separated at a late hour, highly gratified with the evening's entertainment. It was stated that the subscriptions already received were considerable, and that the committee would meet again on an early day to make the necessary arrangements. Several gentlemen addressed the meeting in support of the object, and the resolutions were carried unanimously amid loud cheers. The chairman having briefly acknowledged the vote of thanks, the meeting dissolved.

What may be done with Old Rags.—There is a church actually existing, near Bergen, which can contain nearly one thousand persons. It is circular within, octagonal without. The relievos outside, and the statues within, the roof, the ceiling, the Corinthian capitals, are all of paper mache, rendered waterproof by saturation in vitriol, lime-water, whey, and white of egg.

The proceedings were conducted in the most orderly manner, and the company separated at a late hour, highly gratified with the evening's entertainment. It was stated that the subscriptions already received were considerable, and that the committee would meet again on an early day to make the necessary arrangements. Several gentlemen addressed the meeting in support of the object, and the resolutions were carried unanimously amid loud cheers. The chairman having briefly acknowledged the vote of thanks, the meeting dissolved.

The proceedings were conducted in the most orderly manner, and the company separated at a late hour, highly gratified with the evening's entertainment. It was stated that the subscriptions already received were considerable, and that the committee would meet again on an early day to make the necessary arrangements. Several gentlemen addressed the meeting in support of the object, and the resolutions were carried unanimously amid loud cheers. The chairman having briefly acknowledged the vote of thanks, the meeting dissolved.

Arrangements of the Crystal Palace.—In future the London Crystal Palace will be conveyed into Cornwall from Penzance, to be erected for the exhibition of the products of that district.

The proceedings were conducted in the most orderly manner, and the company separated at a late hour, highly gratified with the evening's entertainment. It was stated that the subscriptions already received were considerable, and that the committee would meet again on an early day to make the necessary arrangements. Several gentlemen addressed the meeting in support of the object, and the resolutions were carried unanimously amid loud cheers. The chairman having briefly acknowledged the vote of thanks, the meeting dissolved.

The proceedings were conducted in the most orderly manner, and the company separated at a late hour, highly gratified with the evening's entertainment. It was stated that the subscriptions already received were considerable, and that the committee would meet again on an early day to make the necessary arrangements. Several gentlemen addressed the meeting in support of the object, and the resolutions were carried unanimously amid loud cheers. The chairman having briefly acknowledged the vote of thanks, the meeting dissolved.

The proceedings were conducted in the most orderly manner, and the company separated at a late hour, highly gratified with the evening's entertainment. It was stated that the subscriptions already received were considerable, and that the committee would meet again on an early day to make the necessary arrangements. Several gentlemen addressed the meeting in support of the object, and the resolutions were carried unanimously amid loud cheers. The chairman having briefly acknowledged the vote of thanks, the meeting dissolved.

PROTECTION TO LABOUR.—MEETING IN THE TOWER HAMLETS.

A numerous meeting of the working classes of the Tower Hamlets, dependent on the various occupations connected with the shipping of the port of London, was held at the Beaumont Institution, Mile-end, on Thursday night, 'to consider the effects produced on their interests by the application of the principle of unrestricted competition, termed Free Trade.'

Mr. G. F. Young, M.P., occupied the chair. Mr. J. O'Brien, a working-man, then came forward to propose the first resolution, which was as follows: 'That the universal consequence of free trade has been to disturb the industry of the country.'

The proceedings were conducted in the most orderly manner, and the company separated at a late hour, highly gratified with the evening's entertainment. It was stated that the subscriptions already received were considerable, and that the committee would meet again on an early day to make the necessary arrangements. Several gentlemen addressed the meeting in support of the object, and the resolutions were carried unanimously amid loud cheers. The chairman having briefly acknowledged the vote of thanks, the meeting dissolved.

Mr. O'Brien seconded the resolution, which was supported by Mr. Dick. A Spitalfields silk weaver next addressed the meeting, and denounced the system of Free Trade as productive of ruin to the interests which he was connected with.

The proceedings were conducted in the most orderly manner, and the company separated at a late hour, highly gratified with the evening's entertainment. It was stated that the subscriptions already received were considerable, and that the committee would meet again on an early day to make the necessary arrangements. Several gentlemen addressed the meeting in support of the object, and the resolutions were carried unanimously amid loud cheers. The chairman having briefly acknowledged the vote of thanks, the meeting dissolved.

LATEST FOREIGN NEWS.
SWITZERLAND.

On the 9th inst. the discussion was terminated by adopting a resolution to the effect that the burghers of Berne should not be excluded from the commission of investigation. The debate lasted from eight o'clock in the morning to midnight, and was exceedingly animated.

The proceedings were conducted in the most orderly manner, and the company separated at a late hour, highly gratified with the evening's entertainment. It was stated that the subscriptions already received were considerable, and that the committee would meet again on an early day to make the necessary arrangements. Several gentlemen addressed the meeting in support of the object, and the resolutions were carried unanimously amid loud cheers. The chairman having briefly acknowledged the vote of thanks, the meeting dissolved.

The proceedings were conducted in the most orderly manner, and the company separated at a late hour, highly gratified with the evening's entertainment. It was stated that the subscriptions already received were considerable, and that the committee would meet again on an early day to make the necessary arrangements. Several gentlemen addressed the meeting in support of the object, and the resolutions were carried unanimously amid loud cheers. The chairman having briefly acknowledged the vote of thanks, the meeting dissolved.

The proceedings were conducted in the most orderly manner, and the company separated at a late hour, highly gratified with the evening's entertainment. It was stated that the subscriptions already received were considerable, and that the committee would meet again on an early day to make the necessary arrangements. Several gentlemen addressed the meeting in support of the object, and the resolutions were carried unanimously amid loud cheers. The chairman having briefly acknowledged the vote of thanks, the meeting dissolved.

FRANCE.

Paris, Friday Morning.—The answer of the press of the majority to the 'Constitutionnel's' announcement respecting the intentions of the President is such as might have been foreseen. They say that the abrogation of the law of 31st May is incompatible with the policy of order and conservation.

The proceedings were conducted in the most orderly manner, and the company separated at a late hour, highly gratified with the evening's entertainment. It was stated that the subscriptions already received were considerable, and that the committee would meet again on an early day to make the necessary arrangements. Several gentlemen addressed the meeting in support of the object, and the resolutions were carried unanimously amid loud cheers. The chairman having briefly acknowledged the vote of thanks, the meeting dissolved.

The proceedings were conducted in the most orderly manner, and the company separated at a late hour, highly gratified with the evening's entertainment. It was stated that the subscriptions already received were considerable, and that the committee would meet again on an early day to make the necessary arrangements. Several gentlemen addressed the meeting in support of the object, and the resolutions were carried unanimously amid loud cheers. The chairman having briefly acknowledged the vote of thanks, the meeting dissolved.

AUSTRIA.

Vienna, Oct. 12.—The 'Oesterreichische Korrespondenz' contradicts the report of an arrest of dissatisfied officers of the army.

The proceedings were conducted in the most orderly manner, and the company separated at a late hour, highly gratified with the evening's entertainment. It was stated that the subscriptions already received were considerable, and that the committee would meet again on an early day to make the necessary arrangements. Several gentlemen addressed the meeting in support of the object, and the resolutions were carried unanimously amid loud cheers. The chairman having briefly acknowledged the vote of thanks, the meeting dissolved.

THE QUEEN'S RETURN.

Balmoral.—Soon after seven o'clock on Saturday morning last, Prince Albert, attended by the Hon. Captain Egerton, Lieutenant-Colonel Gordon, and Sir J. Clark, M.D., left Windsor Hall in a barouche and four, to visit the extensive cotton mills of Messrs. Gardner and Bazley, at Barrow-bridge, near Bolton.

The proceedings were conducted in the most orderly manner, and the company separated at a late hour, highly gratified with the evening's entertainment. It was stated that the subscriptions already received were considerable, and that the committee would meet again on an early day to make the necessary arrangements. Several gentlemen addressed the meeting in support of the object, and the resolutions were carried unanimously amid loud cheers. The chairman having briefly acknowledged the vote of thanks, the meeting dissolved.

The proceedings were conducted in the most orderly manner, and the company separated at a late hour, highly gratified with the evening's entertainment. It was stated that the subscriptions already received were considerable, and that the committee would meet again on an early day to make the necessary arrangements. Several gentlemen addressed the meeting in support of the object, and the resolutions were carried unanimously amid loud cheers. The chairman having briefly acknowledged the vote of thanks, the meeting dissolved.

A Committee on the Late Arctic Reports.—A committee is being formed by the Admiralty, of which, it is said, Admiral Bowles, C.B., M.P., will most probably be the chairman, to consider the reports of the respective commanders of the Arctic searching expeditions, and to report what, upon a simple and careful investigation of the facts laid before them, further it may be advisable to take.

The proceedings were conducted in the most orderly manner, and the company separated at a late hour, highly gratified with the evening's entertainment. It was stated that the subscriptions already received were considerable, and that the committee would meet again on an early day to make the necessary arrangements. Several gentlemen addressed the meeting in support of the object, and the resolutions were carried unanimously amid loud cheers. The chairman having briefly acknowledged the vote of thanks, the meeting dissolved.

The proceedings were conducted in the most orderly manner, and the company separated at a late hour, highly gratified with the evening's entertainment. It was stated that the subscriptions already received were considerable, and that the committee would meet again on an early day to make the necessary arrangements. Several gentlemen addressed the meeting in support of the object, and the resolutions were carried unanimously amid loud cheers. The chairman having briefly acknowledged the vote of thanks, the meeting dissolved.
